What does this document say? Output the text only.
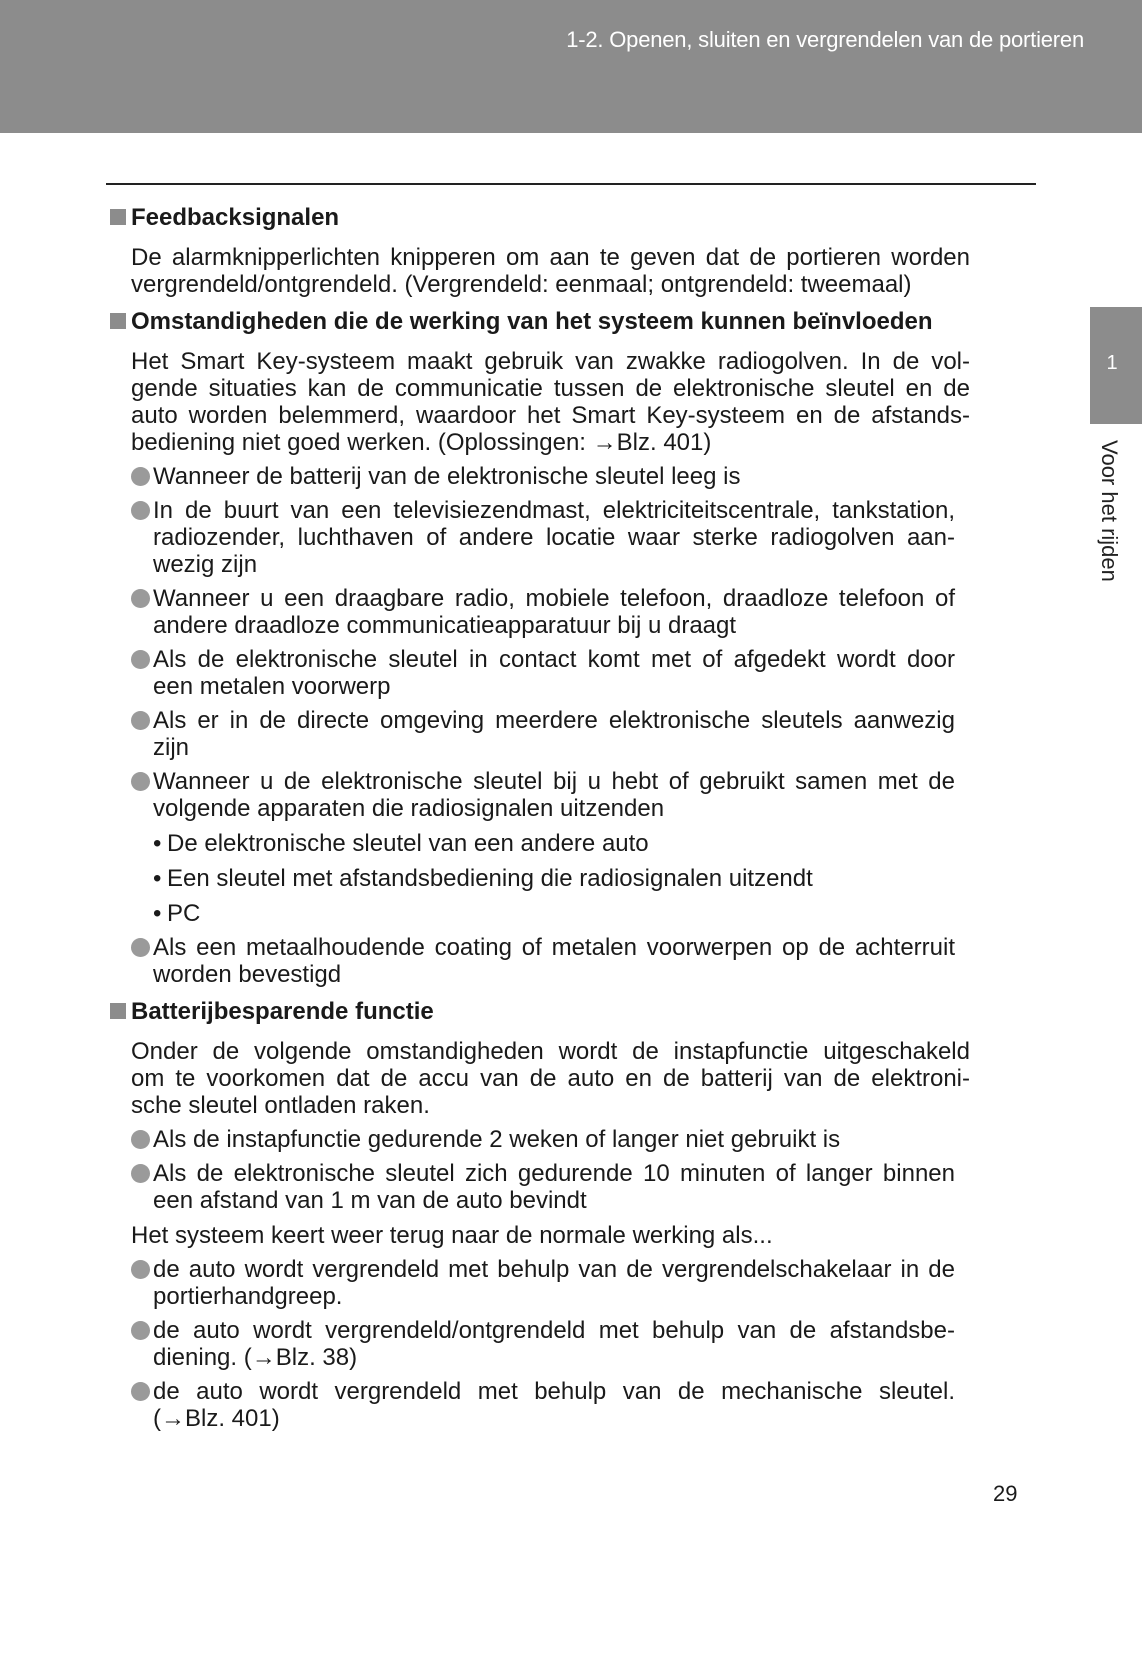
1-2. Openen, sluiten en vergrendelen van de portieren
1
Voor het rijden
Feedbacksignalen
De alarmknipperlichten knipperen om aan te geven dat de portieren worden
vergrendeld/ontgrendeld. (Vergrendeld: eenmaal; ontgrendeld: tweemaal)
Omstandigheden die de werking van het systeem kunnen beïnvloeden
Het Smart Key-systeem maakt gebruik van zwakke radiogolven. In de vol-
gende situaties kan de communicatie tussen de elektronische sleutel en de
auto worden belemmerd, waardoor het Smart Key-systeem en de afstands-
bediening niet goed werken. (Oplossingen: →Blz. 401)
Wanneer de batterij van de elektronische sleutel leeg is
In de buurt van een televisiezendmast, elektriciteitscentrale, tankstation,
radiozender, luchthaven of andere locatie waar sterke radiogolven aan-
wezig zijn
Wanneer u een draagbare radio, mobiele telefoon, draadloze telefoon of
andere draadloze communicatieapparatuur bij u draagt
Als de elektronische sleutel in contact komt met of afgedekt wordt door
een metalen voorwerp
Als er in de directe omgeving meerdere elektronische sleutels aanwezig
zijn
Wanneer u de elektronische sleutel bij u hebt of gebruikt samen met de
volgende apparaten die radiosignalen uitzenden
• De elektronische sleutel van een andere auto
• Een sleutel met afstandsbediening die radiosignalen uitzendt
• PC
Als een metaalhoudende coating of metalen voorwerpen op de achterruit
worden bevestigd
Batterijbesparende functie
Onder de volgende omstandigheden wordt de instapfunctie uitgeschakeld
om te voorkomen dat de accu van de auto en de batterij van de elektroni-
sche sleutel ontladen raken.
Als de instapfunctie gedurende 2 weken of langer niet gebruikt is
Als de elektronische sleutel zich gedurende 10 minuten of langer binnen
een afstand van 1 m van de auto bevindt
Het systeem keert weer terug naar de normale werking als...
de auto wordt vergrendeld met behulp van de vergrendelschakelaar in de
portierhandgreep.
de auto wordt vergrendeld/ontgrendeld met behulp van de afstandsbe-
diening. (→Blz. 38)
de auto wordt vergrendeld met behulp van de mechanische sleutel.
(→Blz. 401)
29
